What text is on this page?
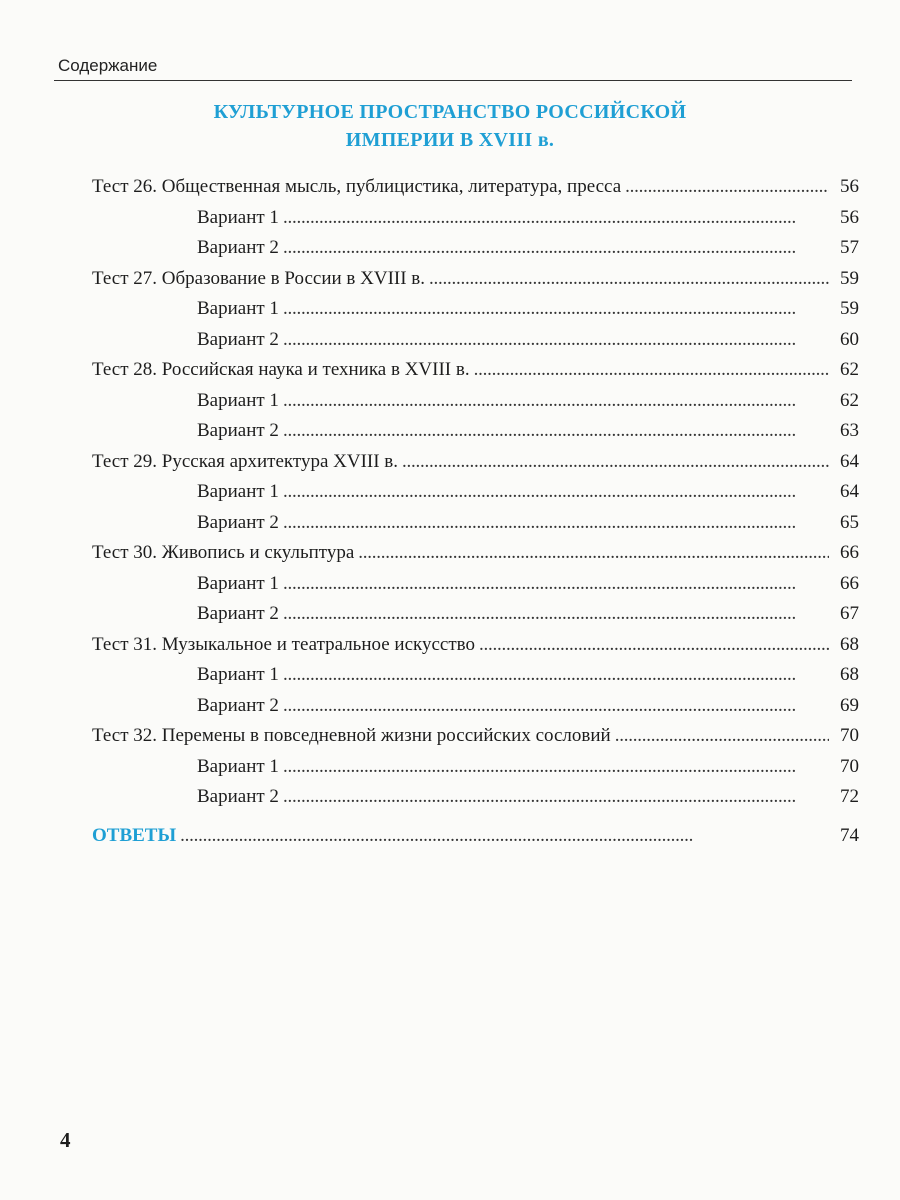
Содержание
КУЛЬТУРНОЕ ПРОСТРАНСТВО РОССИЙСКОЙ
ИМПЕРИИ В XVIII в.
Тест 26. Общественная мысль, публицистика, литература, пресса . . .	56
Вариант 1 . . .	56
Вариант 2 . . .	57
Тест 27. Образование в России в XVIII в. . . .	59
Вариант 1 . . .	59
Вариант 2 . . .	60
Тест 28. Российская наука и техника в XVIII в. . . .	62
Вариант 1 . . .	62
Вариант 2 . . .	63
Тест 29. Русская архитектура XVIII в. . . .	64
Вариант 1 . . .	64
Вариант 2 . . .	65
Тест 30. Живопись и скульптура . . .	66
Вариант 1 . . .	66
Вариант 2 . . .	67
Тест 31. Музыкальное и театральное искусство . . .	68
Вариант 1 . . .	68
Вариант 2 . . .	69
Тест 32. Перемены в повседневной жизни российских сословий . . .	70
Вариант 1 . . .	70
Вариант 2 . . .	72
ОТВЕТЫ . . .	74
4
